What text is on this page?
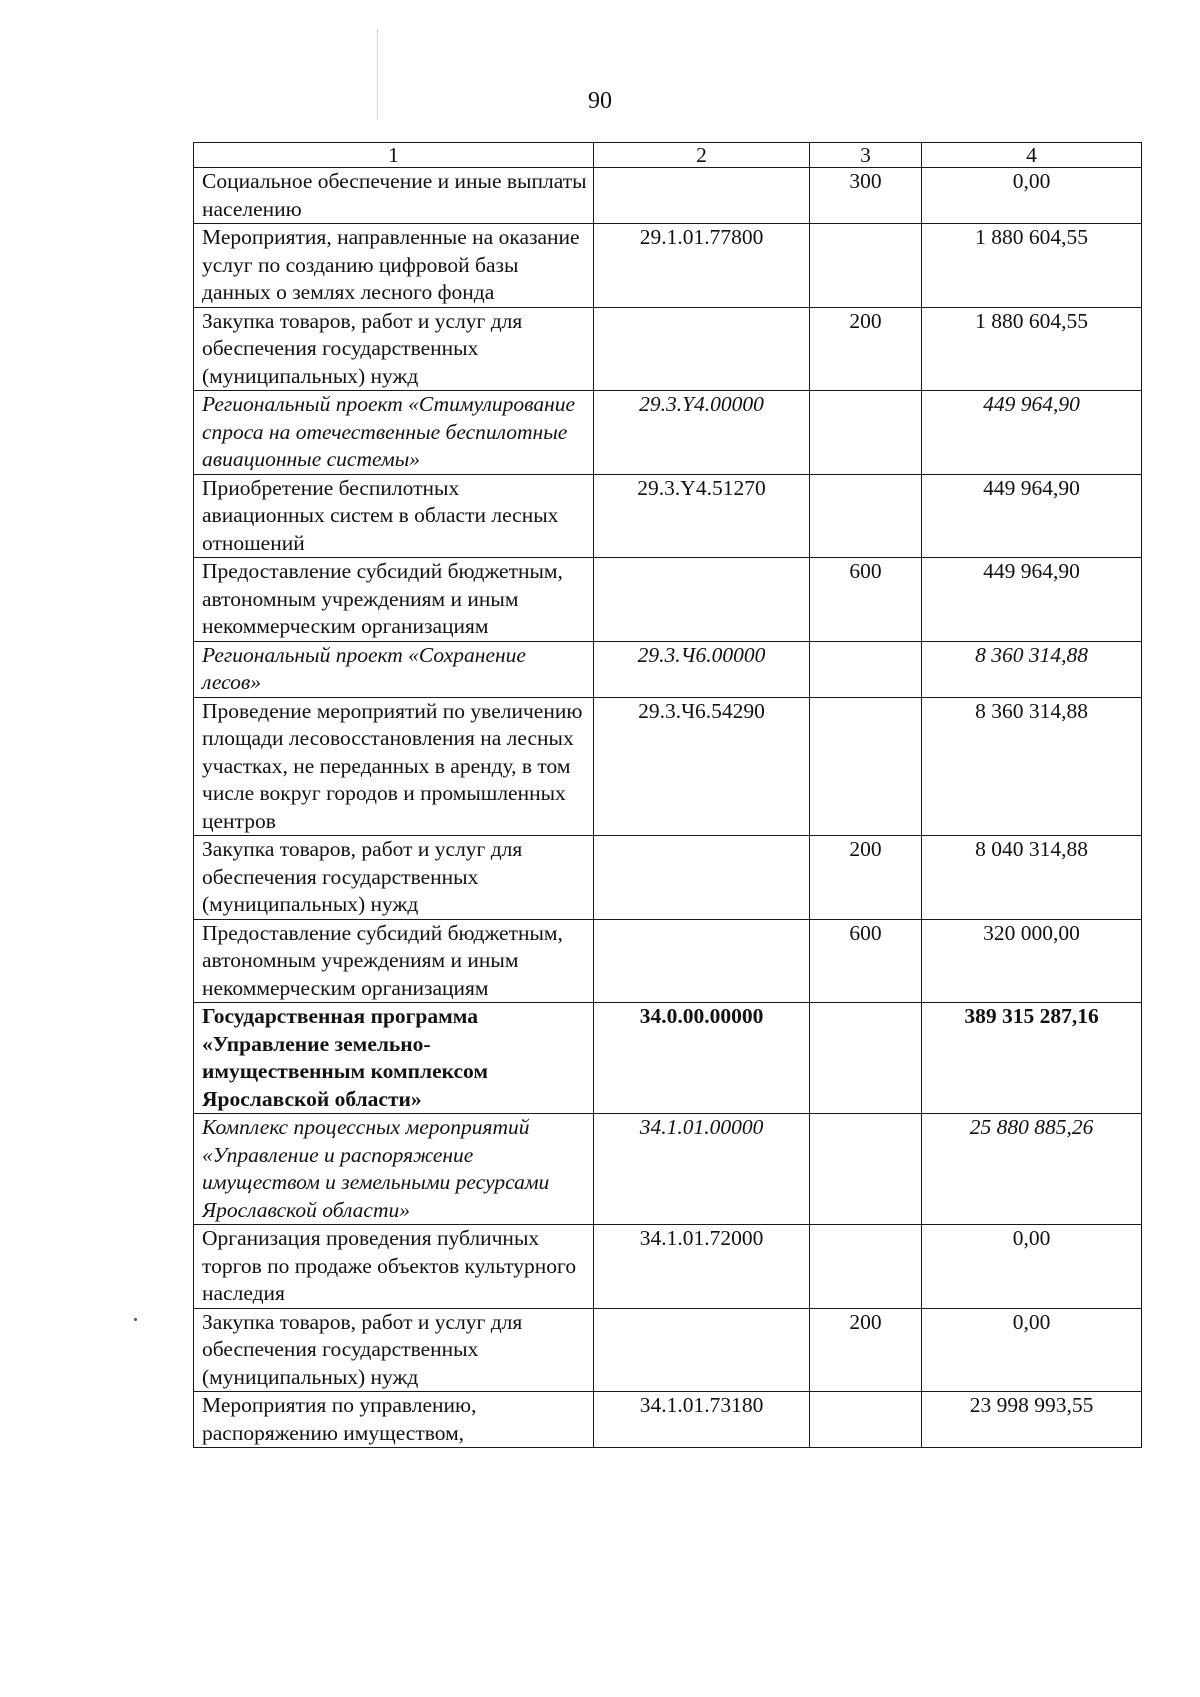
90
1	2	3	4
Социальное обеспечение и иные выплаты населению		300	0,00
Мероприятия, направленные на оказание услуг по созданию цифровой базы данных о землях лесного фонда	29.1.01.77800		1 880 604,55
Закупка товаров, работ и услуг для обеспечения государственных (муниципальных) нужд		200	1 880 604,55
Региональный проект «Стимулирование спроса на отечественные беспилотные авиационные системы»	29.3.Y4.00000		449 964,90
Приобретение беспилотных авиационных систем в области лесных отношений	29.3.Y4.51270		449 964,90
Предоставление субсидий бюджетным, автономным учреждениям и иным некоммерческим организациям		600	449 964,90
Региональный проект «Сохранение лесов»	29.3.Ч6.00000		8 360 314,88
Проведение мероприятий по увеличению площади лесовосстановления на лесных участках, не переданных в аренду, в том числе вокруг городов и промышленных центров	29.3.Ч6.54290		8 360 314,88
Закупка товаров, работ и услуг для обеспечения государственных (муниципальных) нужд		200	8 040 314,88
Предоставление субсидий бюджетным, автономным учреждениям и иным некоммерческим организациям		600	320 000,00
Государственная программа «Управление земельно-имущественным комплексом Ярославской области»	34.0.00.00000		389 315 287,16
Комплекс процессных мероприятий «Управление и распоряжение имуществом и земельными ресурсами Ярославской области»	34.1.01.00000		25 880 885,26
Организация проведения публичных торгов по продаже объектов культурного наследия	34.1.01.72000		0,00
Закупка товаров, работ и услуг для обеспечения государственных (муниципальных) нужд		200	0,00
Мероприятия по управлению, распоряжению имуществом,	34.1.01.73180		23 998 993,55
